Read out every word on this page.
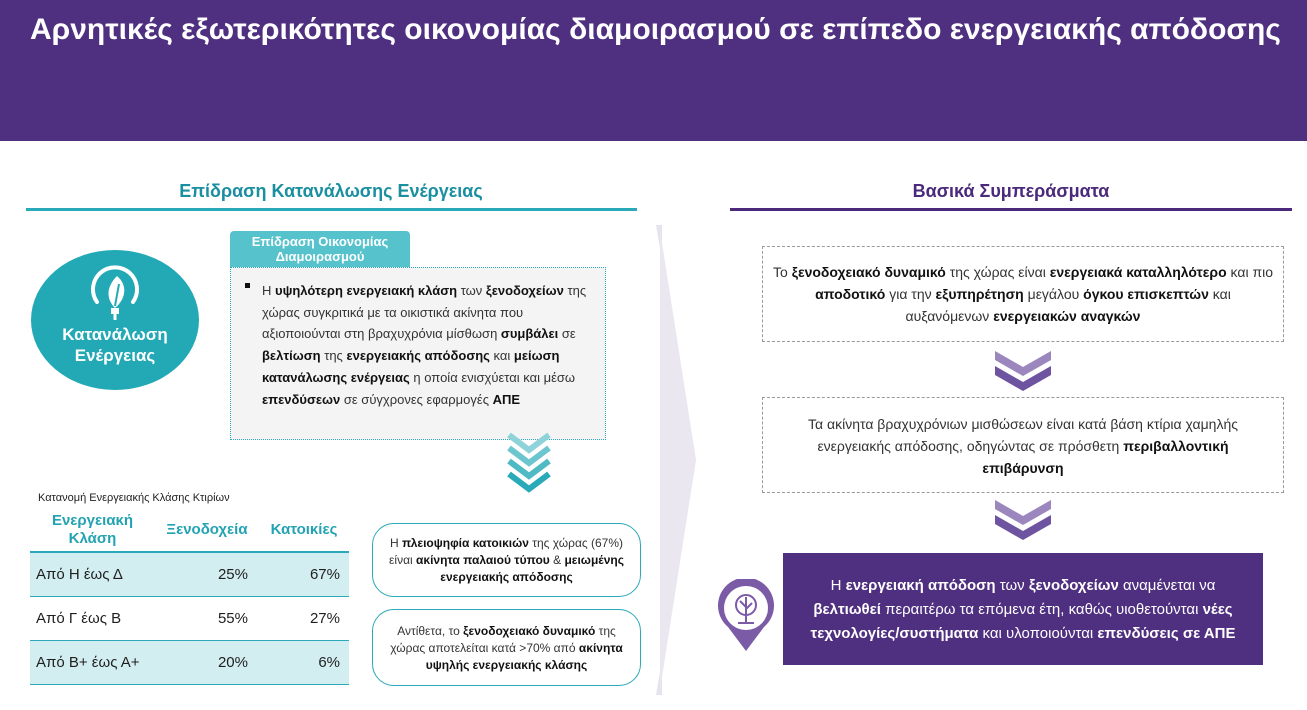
Αρνητικές εξωτερικότητες οικονομίας διαμοιρασμού σε επίπεδο ενεργειακής απόδοσης
Επίδραση Κατανάλωσης Ενέργειας	Βασικά Συμπεράσματα
Κατανάλωση
Ενέργειας
Επίδραση Οικονομίας
Διαμοιρασμού
Η υψηλότερη ενεργειακή κλάση των ξενοδοχείων της χώρας συγκριτικά με τα οικιστικά ακίνητα που αξιοποιούνται στη βραχυχρόνια μίσθωση συμβάλει σε βελτίωση της ενεργειακής απόδοσης και μείωση κατανάλωσης ενέργειας η οποία ενισχύεται και μέσω επενδύσεων σε σύγχρονες εφαρμογές ΑΠΕ
Κατανομή Ενεργειακής Κλάσης Κτιρίων
Ενεργειακή
Κλάση
Ξενοδοχεία	Κατοικίες
Από Η έως Δ	25%	67%
Από Γ έως Β	55%	27%
Από Β+ έως Α+	20%	6%
Η πλειοψηφία κατοικιών της χώρας (67%) είναι ακίνητα παλαιού τύπου & μειωμένης ενεργειακής απόδοσης
Αντίθετα, το ξενοδοχειακό δυναμικό της χώρας αποτελείται κατά >70% από ακίνητα υψηλής ενεργειακής κλάσης
Το ξενοδοχειακό δυναμικό της χώρας είναι ενεργειακά καταλληλότερο και πιο αποδοτικό για την εξυπηρέτηση μεγάλου όγκου επισκεπτών και αυξανόμενων ενεργειακών αναγκών
Τα ακίνητα βραχυχρόνιων μισθώσεων είναι κατά βάση κτίρια χαμηλής ενεργειακής απόδοσης, οδηγώντας σε πρόσθετη περιβαλλοντική επιβάρυνση
Η ενεργειακή απόδοση των ξενοδοχείων αναμένεται να βελτιωθεί περαιτέρω τα επόμενα έτη, καθώς υιοθετούνται νέες τεχνολογίες/συστήματα και υλοποιούνται επενδύσεις σε ΑΠΕ
